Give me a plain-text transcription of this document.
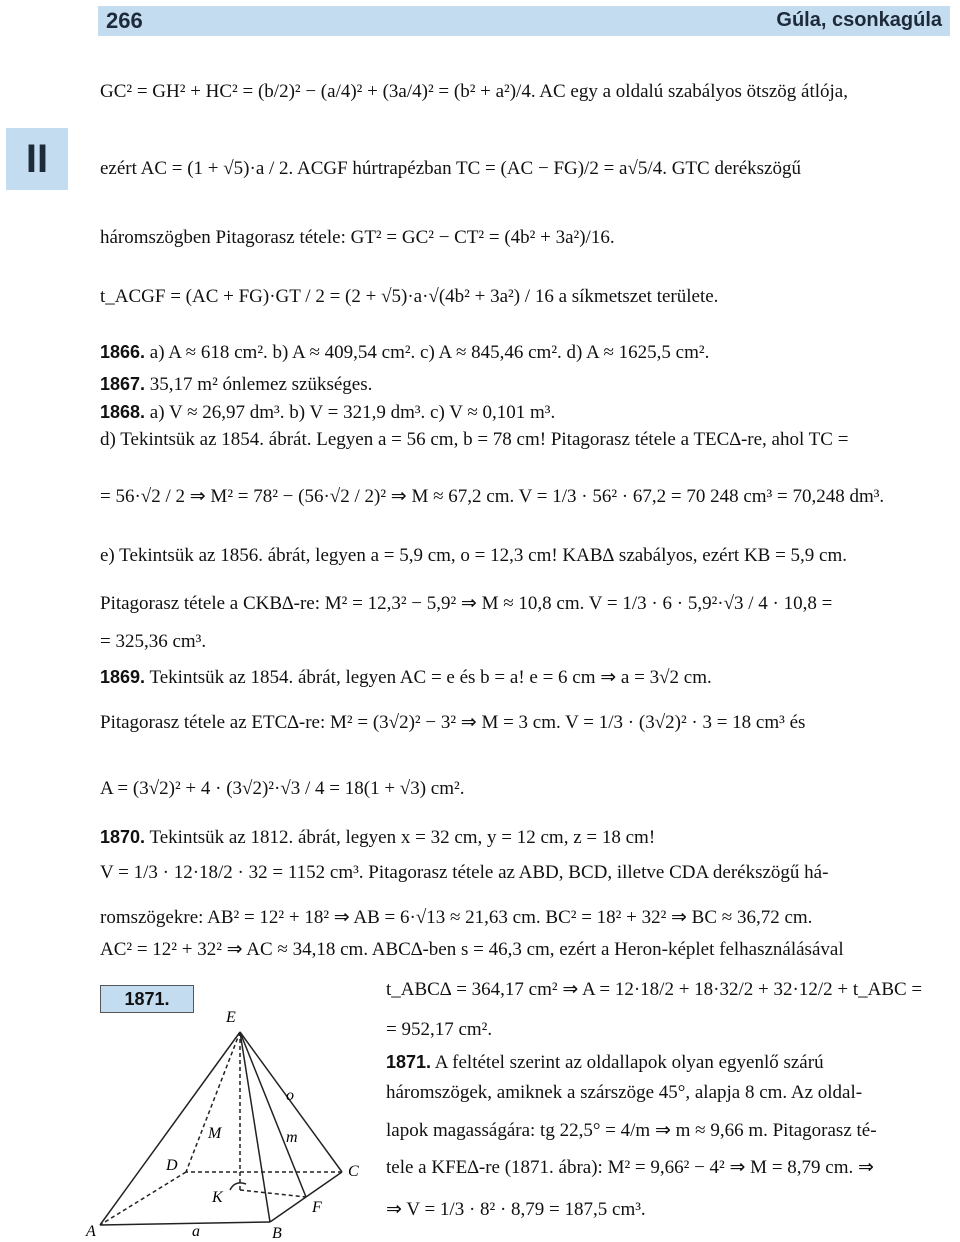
266	Gúla, csonkagúla
II
GC² = GH² + HC² = (b/2)² − (a/4)² + (3a/4)² = (b² + a²)/4. AC egy a oldalú szabályos ötszög átlója,
ezért AC = (1 + √5)·a / 2. ACGF húrtrapézban TC = (AC − FG)/2 = a√5/4. GTC derékszögű
háromszögben Pitagorasz tétele: GT² = GC² − CT² = (4b² + 3a²)/16.
t_ACGF = (AC + FG)·GT / 2 = (2 + √5)·a·√(4b² + 3a²) / 16 a síkmetszet területe.
1866. a) A ≈ 618 cm². b) A ≈ 409,54 cm². c) A ≈ 845,46 cm². d) A ≈ 1625,5 cm².
1867. 35,17 m² ónlemez szükséges.
1868. a) V ≈ 26,97 dm³. b) V = 321,9 dm³. c) V ≈ 0,101 m³.
d) Tekintsük az 1854. ábrát. Legyen a = 56 cm, b = 78 cm! Pitagorasz tétele a TEC∆-re, ahol TC =
= 56·√2 / 2 ⇒ M² = 78² − (56·√2 / 2)² ⇒ M ≈ 67,2 cm. V = 1/3 · 56² · 67,2 = 70 248 cm³ = 70,248 dm³.
e) Tekintsük az 1856. ábrát, legyen a = 5,9 cm, o = 12,3 cm! KAB∆ szabályos, ezért KB = 5,9 cm.
Pitagorasz tétele a CKB∆-re: M² = 12,3² − 5,9² ⇒ M ≈ 10,8 cm. V = 1/3 · 6 · 5,9²·√3 / 4 · 10,8 =
= 325,36 cm³.
1869. Tekintsük az 1854. ábrát, legyen AC = e és b = a! e = 6 cm ⇒ a = 3√2 cm.
Pitagorasz tétele az ETC∆-re: M² = (3√2)² − 3² ⇒ M = 3 cm. V = 1/3 · (3√2)² · 3 = 18 cm³ és
A = (3√2)² + 4 · (3√2)²·√3 / 4 = 18(1 + √3) cm².
1870. Tekintsük az 1812. ábrát, legyen x = 32 cm, y = 12 cm, z = 18 cm!
V = 1/3 · 12·18/2 · 32 = 1152 cm³. Pitagorasz tétele az ABD, BCD, illetve CDA derékszögű há-
romszögekre: AB² = 12² + 18² ⇒ AB = 6·√13 ≈ 21,63 cm. BC² = 18² + 32² ⇒ BC ≈ 36,72 cm.
AC² = 12² + 32² ⇒ AC ≈ 34,18 cm. ABC∆-ben s = 46,3 cm, ezért a Heron-képlet felhasználásával
1871.
E
A	B
C
D
M
K
F
o
m
a
t_ABC∆ = 364,17 cm² ⇒ A = 12·18/2 + 18·32/2 + 32·12/2 + t_ABC =
= 952,17 cm².
1871. A feltétel szerint az oldallapok olyan egyenlő szárú
háromszögek, amiknek a szárszöge 45°, alapja 8 cm. Az oldal-
lapok magasságára: tg 22,5° = 4/m ⇒ m ≈ 9,66 m. Pitagorasz té-
tele a KFE∆-re (1871. ábra): M² = 9,66² − 4² ⇒ M = 8,79 cm. ⇒
⇒ V = 1/3 · 8² · 8,79 = 187,5 cm³.
